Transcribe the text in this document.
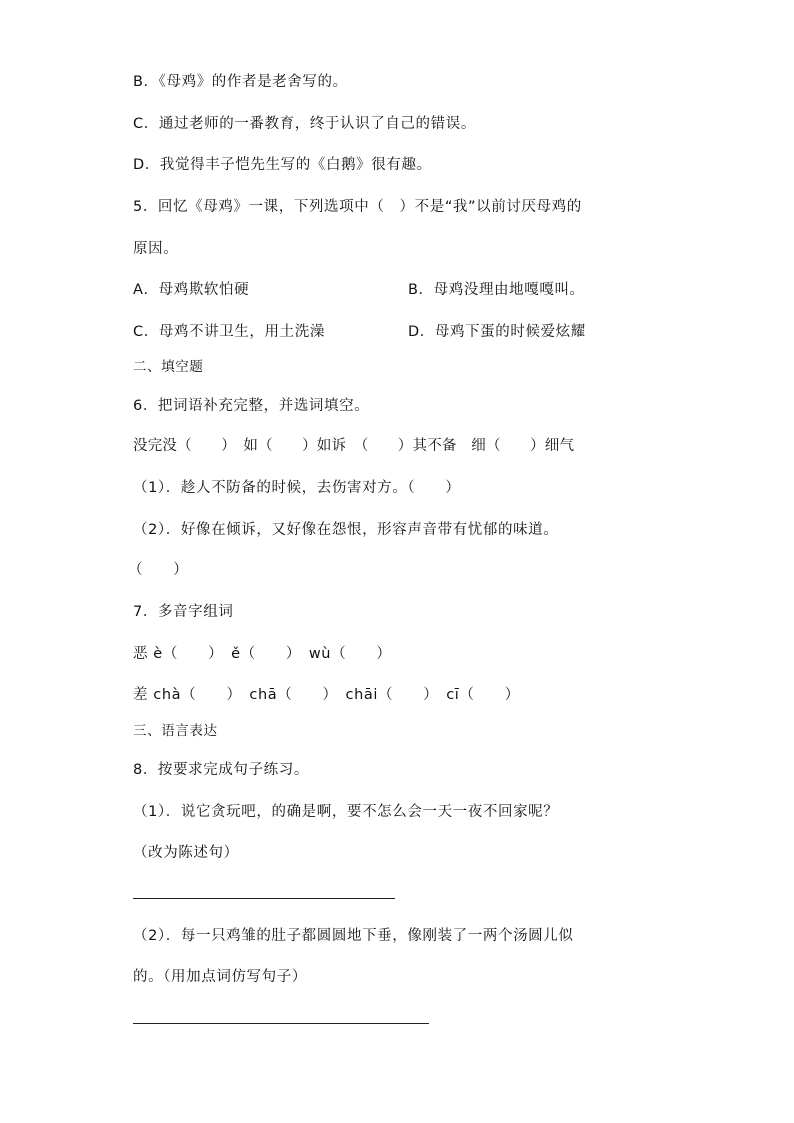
B．《母鸡》的作者是老舍写的。
C．通过老师的一番教育，终于认识了自己的错误。
D．我觉得丰子恺先生写的《白鹅》很有趣。
5．回忆《母鸡》一课，下列选项中（　）不是“我”以前讨厌母鸡的
原因。
A．母鸡欺软怕硬	B．母鸡没理由地嘎嘎叫。
C．母鸡不讲卫生，用土洗澡	D．母鸡下蛋的时候爱炫耀
二、填空题
6．把词语补充完整，并选词填空。
没完没（　　）　如（　　）如诉　（　　）其不备　细（　　）细气
（1）．趁人不防备的时候，去伤害对方。（　　）
（2）．好像在倾诉，又好像在怨恨，形容声音带有忧郁的味道。
（　　）
7．多音字组词
恶 è（　　）　ě（　　）　wù（　　）
差 chà（　　）　chā（　　）　chāi（　　）　cī（　　）
三、语言表达
8．按要求完成句子练习。
（1）．说它贪玩吧，的确是啊，要不怎么会一天一夜不回家呢？
（改为陈述句）
（2）．每一只鸡雏的肚子都圆圆地下垂，像刚装了一两个汤圆儿似
的。（用加点词仿写句子）
